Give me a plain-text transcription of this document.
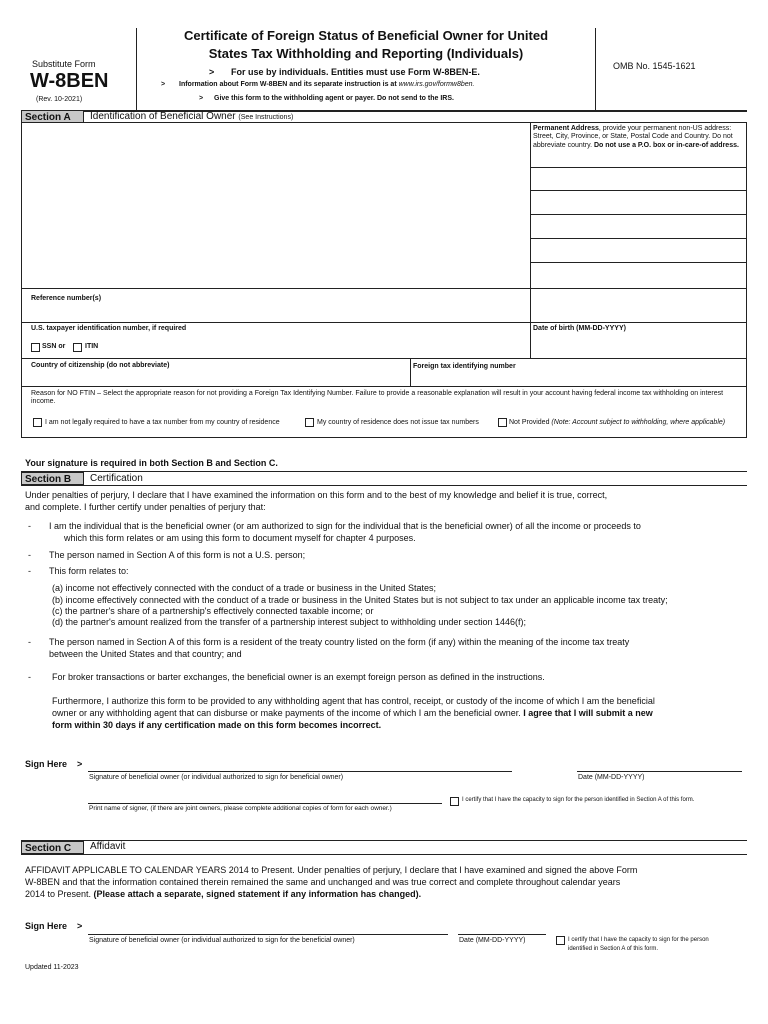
Substitute Form
W-8BEN
(Rev. 10-2021)
Certificate of Foreign Status of Beneficial Owner for United
States Tax Withholding and Reporting (Individuals)
> For use by individuals. Entities must use Form W-8BEN-E.
> Information about Form W-8BEN and its separate instruction is at www.irs.gov/formw8ben.
> Give this form to the withholding agent or payer. Do not send to the IRS.
OMB No. 1545-1621
Section A	Identification of Beneficial Owner (See Instructions)
Permanent Address, provide your permanent non-US address: Street, City, Province, or State, Postal Code and Country. Do not abbreviate country. Do not use a P.O. box or in-care-of address.
Reference number(s)
U.S. taxpayer identification number, if required
SSN or	ITIN
Date of birth (MM-DD-YYYY)
Country of citizenship (do not abbreviate)	Foreign tax identifying number
Reason for NO FTIN – Select the appropriate reason for not providing a Foreign Tax Identifying Number. Failure to provide a reasonable explanation will result in your account having federal income tax withholding on interest income.
I am not legally required to have a tax number from my country of residence	My country of residence does not issue tax numbers	Not Provided (Note: Account subject to withholding, where applicable)
Your signature is required in both Section B and Section C.
Section B	Certification
Under penalties of perjury, I declare that I have examined the information on this form and to the best of my knowledge and belief it is true, correct,
and complete. I further certify under penalties of perjury that:
- I am the individual that is the beneficial owner (or am authorized to sign for the individual that is the beneficial owner) of all the income or proceeds to
which this form relates or am using this form to document myself for chapter 4 purposes.
- The person named in Section A of this form is not a U.S. person;
- This form relates to:
(a) income not effectively connected with the conduct of a trade or business in the United States;
(b) income effectively connected with the conduct of a trade or business in the United States but is not subject to tax under an applicable income tax treaty;
(c) the partner's share of a partnership's effectively connected taxable income; or
(d) the partner's amount realized from the transfer of a partnership interest subject to withholding under section 1446(f);
- The person named in Section A of this form is a resident of the treaty country listed on the form (if any) within the meaning of the income tax treaty
between the United States and that country; and
- For broker transactions or barter exchanges, the beneficial owner is an exempt foreign person as defined in the instructions.
Furthermore, I authorize this form to be provided to any withholding agent that has control, receipt, or custody of the income of which I am the beneficial
owner or any withholding agent that can disburse or make payments of the income of which I am the beneficial owner. I agree that I will submit a new
form within 30 days if any certification made on this form becomes incorrect.
Sign Here >
Signature of beneficial owner (or individual authorized to sign for beneficial owner)	Date (MM-DD-YYYY)
Print name of signer, (if there are joint owners, please complete additional copies of form for each owner.)
I certify that I have the capacity to sign for the person identified in Section A of this form.
Section C	Affidavit
AFFIDAVIT APPLICABLE TO CALENDAR YEARS 2014 to Present. Under penalties of perjury, I declare that I have examined and signed the above Form
W-8BEN and that the information contained therein remained the same and unchanged and was true correct and complete throughout calendar years
2014 to Present. (Please attach a separate, signed statement if any information has changed).
Sign Here >
Signature of beneficial owner (or individual authorized to sign for the beneficial owner)	Date (MM-DD-YYYY)	I certify that I have the capacity to sign for the person
identified in Section A of this form.
Updated 11-2023
